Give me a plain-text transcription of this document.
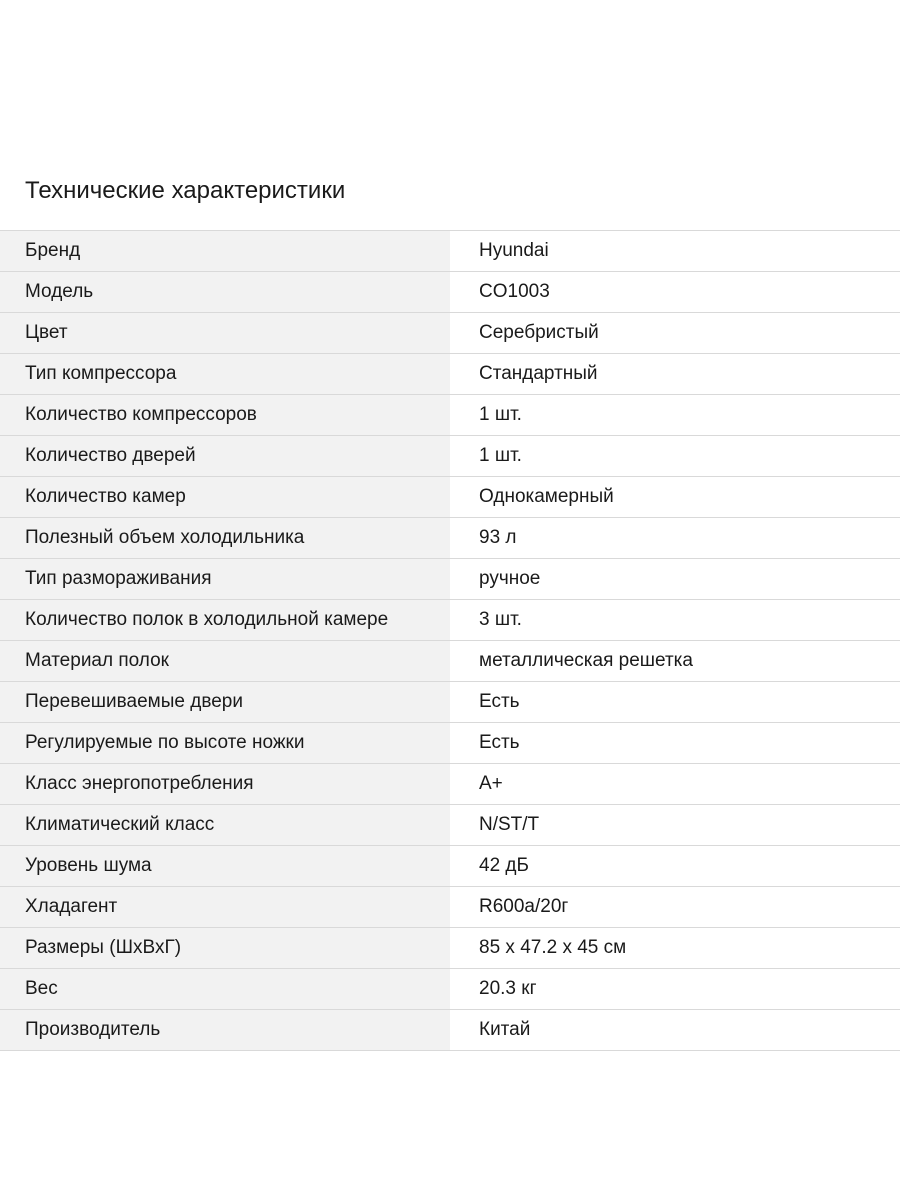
Технические характеристики
Бренд	Hyundai
Модель	CO1003
Цвет	Серебристый
Тип компрессора	Стандартный
Количество компрессоров	1 шт.
Количество дверей	1 шт.
Количество камер	Однокамерный
Полезный объем холодильника	93 л
Тип размораживания	ручное
Количество полок в холодильной камере	3 шт.
Материал полок	металлическая решетка
Перевешиваемые двери	Есть
Регулируемые по высоте ножки	Есть
Класс энергопотребления	А+
Климатический класс	N/ST/T
Уровень шума	42 дБ
Хладагент	R600a/20г
Размеры (ШхВхГ)	85 х 47.2 х 45 см
Вес	20.3 кг
Производитель	Китай
